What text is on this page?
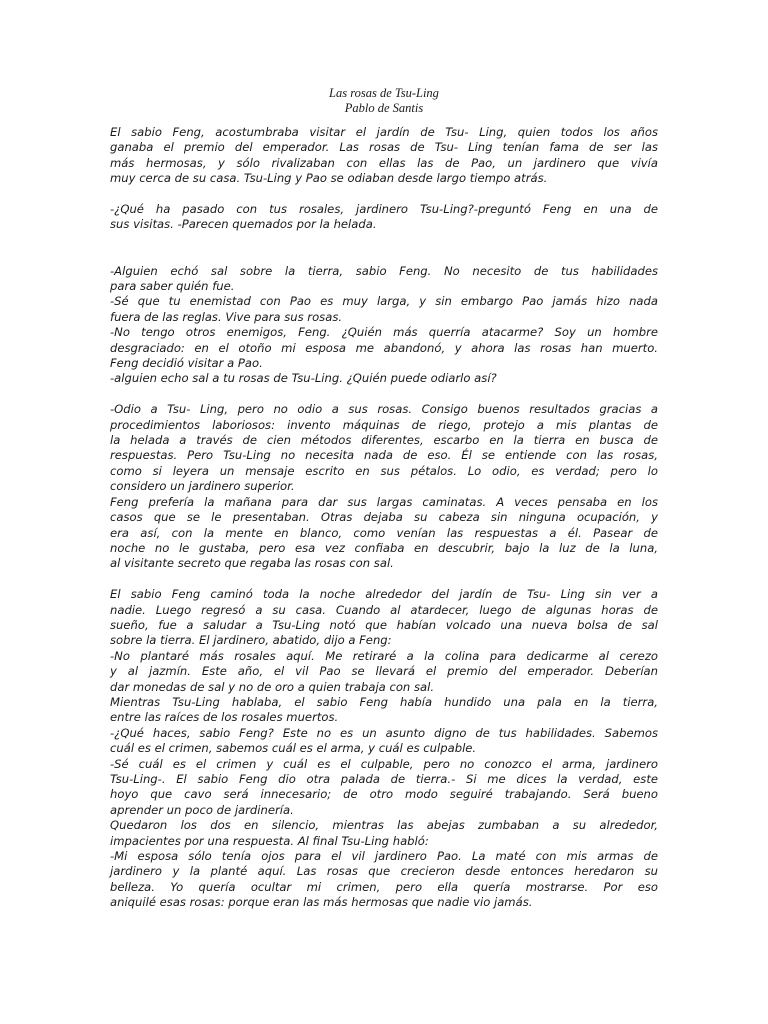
Las rosas de Tsu-Ling
Pablo de Santis
El sabio Feng, acostumbraba visitar el jardín de Tsu- Ling, quien todos los años
ganaba el premio del emperador. Las rosas de Tsu- Ling tenían fama de ser las
más hermosas, y sólo rivalizaban con ellas las de Pao, un jardinero que vivía
muy cerca de su casa. Tsu-Ling y Pao se odiaban desde largo tiempo atrás.
-¿Qué ha pasado con tus rosales, jardinero Tsu-Ling?-preguntó Feng en una de
sus visitas. -Parecen quemados por la helada.
-Alguien echó sal sobre la tierra, sabio Feng. No necesito de tus habilidades
para saber quién fue.
-Sé que tu enemistad con Pao es muy larga, y sin embargo Pao jamás hizo nada
fuera de las reglas. Vive para sus rosas.
-No tengo otros enemigos, Feng. ¿Quién más querría atacarme? Soy un hombre
desgraciado: en el otoño mi esposa me abandonó, y ahora las rosas han muerto.
Feng decidió visitar a Pao.
-alguien echo sal a tu rosas de Tsu-Ling. ¿Quién puede odiarlo así?
-Odio a Tsu- Ling, pero no odio a sus rosas. Consigo buenos resultados gracias a
procedimientos laboriosos: invento máquinas de riego, protejo a mis plantas de
la helada a través de cien métodos diferentes, escarbo en la tierra en busca de
respuestas. Pero Tsu-Ling no necesita nada de eso. Él se entiende con las rosas,
como si leyera un mensaje escrito en sus pétalos. Lo odio, es verdad; pero lo
considero un jardinero superior.
Feng prefería la mañana para dar sus largas caminatas. A veces pensaba en los
casos que se le presentaban. Otras dejaba su cabeza sin ninguna ocupación, y
era así, con la mente en blanco, como venían las respuestas a él. Pasear de
noche no le gustaba, pero esa vez confiaba en descubrir, bajo la luz de la luna,
al visitante secreto que regaba las rosas con sal.
El sabio Feng caminó toda la noche alrededor del jardín de Tsu- Ling sin ver a
nadie. Luego regresó a su casa. Cuando al atardecer, luego de algunas horas de
sueño, fue a saludar a Tsu-Ling notó que habían volcado una nueva bolsa de sal
sobre la tierra. El jardinero, abatido, dijo a Feng:
-No plantaré más rosales aquí. Me retiraré a la colina para dedicarme al cerezo
y al jazmín. Este año, el vil Pao se llevará el premio del emperador. Deberían
dar monedas de sal y no de oro a quien trabaja con sal.
Mientras Tsu-Ling hablaba, el sabio Feng había hundido una pala en la tierra,
entre las raíces de los rosales muertos.
-¿Qué haces, sabio Feng? Este no es un asunto digno de tus habilidades. Sabemos
cuál es el crimen, sabemos cuál es el arma, y cuál es culpable.
-Sé cuál es el crimen y cuál es el culpable, pero no conozco el arma, jardinero
Tsu-Ling-. El sabio Feng dio otra palada de tierra.- Si me dices la verdad, este
hoyo que cavo será innecesario; de otro modo seguiré trabajando. Será bueno
aprender un poco de jardinería.
Quedaron los dos en silencio, mientras las abejas zumbaban a su alrededor,
impacientes por una respuesta. Al final Tsu-Ling habló:
-Mi esposa sólo tenía ojos para el vil jardinero Pao. La maté con mis armas de
jardinero y la planté aquí. Las rosas que crecieron desde entonces heredaron su
belleza. Yo quería ocultar mi crimen, pero ella quería mostrarse. Por eso
aniquilé esas rosas: porque eran las más hermosas que nadie vio jamás.
